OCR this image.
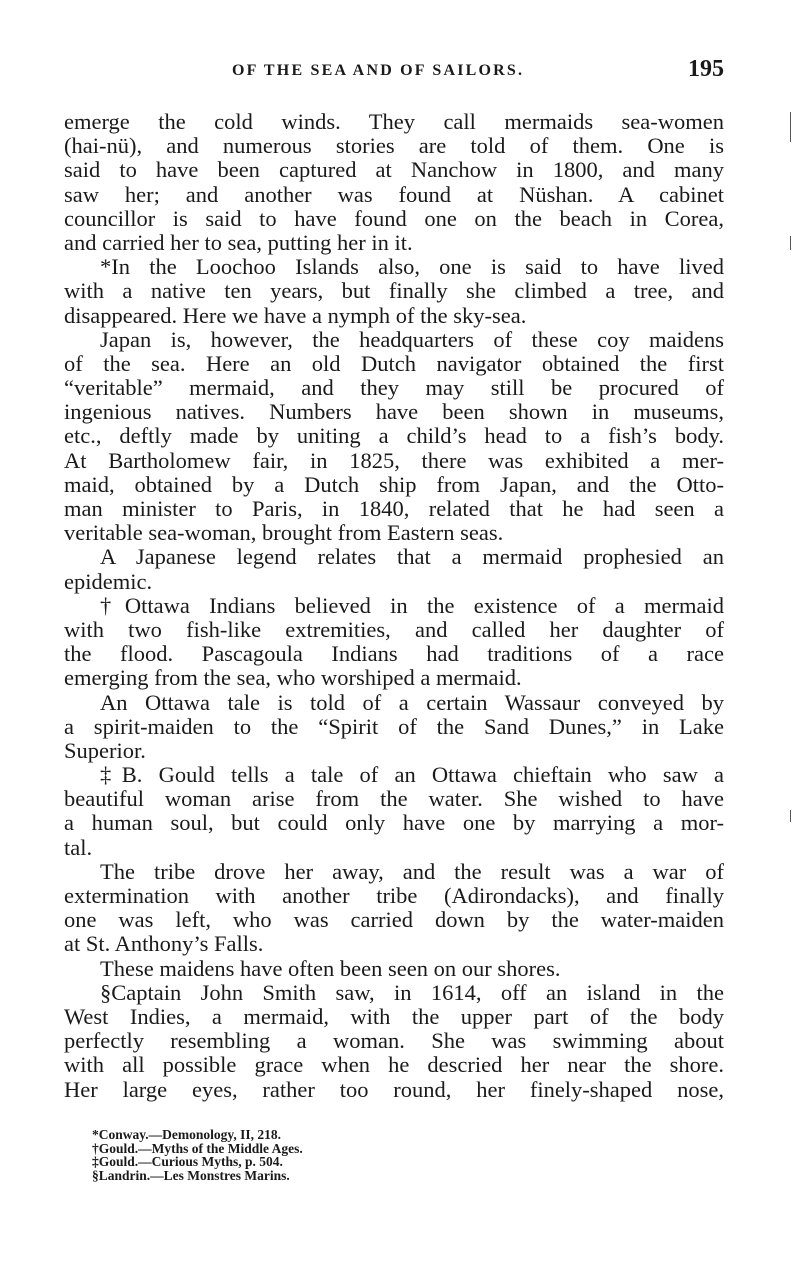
OF THE SEA AND OF SAILORS.	195
emerge the cold winds. They call mermaids sea-women
(hai-nü), and numerous stories are told of them. One is
said to have been captured at Nanchow in 1800, and many
saw her; and another was found at Nüshan. A cabinet
councillor is said to have found one on the beach in Corea,
and carried her to sea, putting her in it.
*In the Loochoo Islands also, one is said to have lived
with a native ten years, but finally she climbed a tree, and
disappeared. Here we have a nymph of the sky-sea.
Japan is, however, the headquarters of these coy maidens
of the sea. Here an old Dutch navigator obtained the first
“veritable” mermaid, and they may still be procured of
ingenious natives. Numbers have been shown in museums,
etc., deftly made by uniting a child’s head to a fish’s body.
At Bartholomew fair, in 1825, there was exhibited a mer-
maid, obtained by a Dutch ship from Japan, and the Otto-
man minister to Paris, in 1840, related that he had seen a
veritable sea-woman, brought from Eastern seas.
A Japanese legend relates that a mermaid prophesied an
epidemic.
†Ottawa Indians believed in the existence of a mermaid
with two fish-like extremities, and called her daughter of
the flood. Pascagoula Indians had traditions of a race
emerging from the sea, who worshiped a mermaid.
An Ottawa tale is told of a certain Wassaur conveyed by
a spirit-maiden to the “Spirit of the Sand Dunes,” in Lake
Superior.
‡B. Gould tells a tale of an Ottawa chieftain who saw a
beautiful woman arise from the water. She wished to have
a human soul, but could only have one by marrying a mor-
tal.
The tribe drove her away, and the result was a war of
extermination with another tribe (Adirondacks), and finally
one was left, who was carried down by the water-maiden
at St. Anthony’s Falls.
These maidens have often been seen on our shores.
§Captain John Smith saw, in 1614, off an island in the
West Indies, a mermaid, with the upper part of the body
perfectly resembling a woman. She was swimming about
with all possible grace when he descried her near the shore.
Her large eyes, rather too round, her finely-shaped nose,
*Conway.—Demonology, II, 218.
†Gould.—Myths of the Middle Ages.
‡Gould.—Curious Myths, p. 504.
§Landrin.—Les Monstres Marins.
